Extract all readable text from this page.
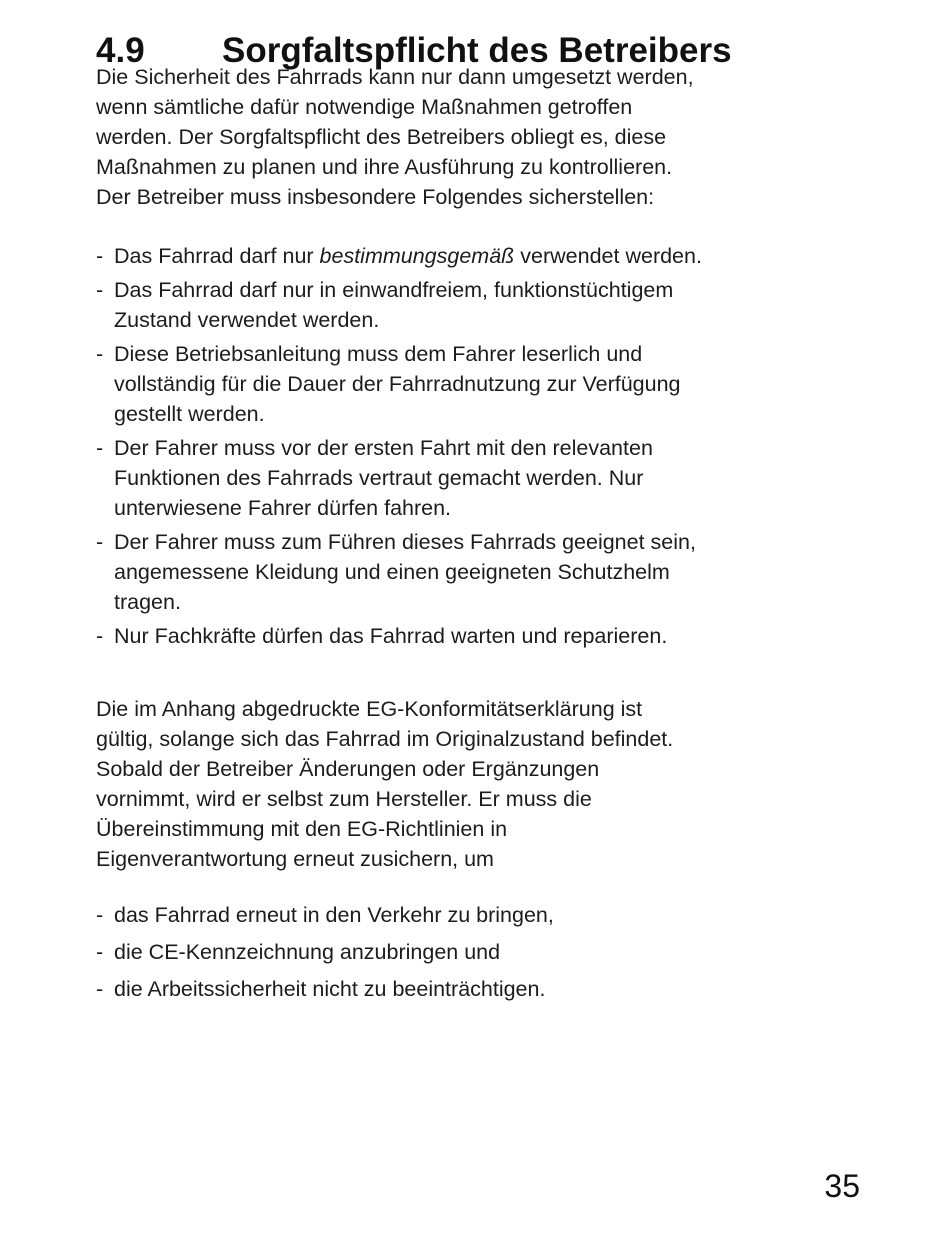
4.9 Sorgfaltspflicht des Betreibers

Die Sicherheit des Fahrrads kann nur dann umgesetzt werden,
wenn sämtliche dafür notwendige Maßnahmen getroffen
werden. Der Sorgfaltspflicht des Betreibers obliegt es, diese
Maßnahmen zu planen und ihre Ausführung zu kontrollieren.
Der Betreiber muss insbesondere Folgendes sicherstellen:

- Das Fahrrad darf nur bestimmungsgemäß verwendet werden.
- Das Fahrrad darf nur in einwandfreiem, funktionstüchtigem
Zustand verwendet werden.
- Diese Betriebsanleitung muss dem Fahrer leserlich und
vollständig für die Dauer der Fahrradnutzung zur Verfügung
gestellt werden.
- Der Fahrer muss vor der ersten Fahrt mit den relevanten
Funktionen des Fahrrads vertraut gemacht werden. Nur
unterwiesene Fahrer dürfen fahren.
- Der Fahrer muss zum Führen dieses Fahrrads geeignet sein,
angemessene Kleidung und einen geeigneten Schutzhelm
tragen.
- Nur Fachkräfte dürfen das Fahrrad warten und reparieren.

Die im Anhang abgedruckte EG-Konformitätserklärung ist
gültig, solange sich das Fahrrad im Originalzustand befindet.
Sobald der Betreiber Änderungen oder Ergänzungen
vornimmt, wird er selbst zum Hersteller. Er muss die
Übereinstimmung mit den EG-Richtlinien in
Eigenverantwortung erneut zusichern, um

- das Fahrrad erneut in den Verkehr zu bringen,
- die CE-Kennzeichnung anzubringen und
- die Arbeitssicherheit nicht zu beeinträchtigen.
35
